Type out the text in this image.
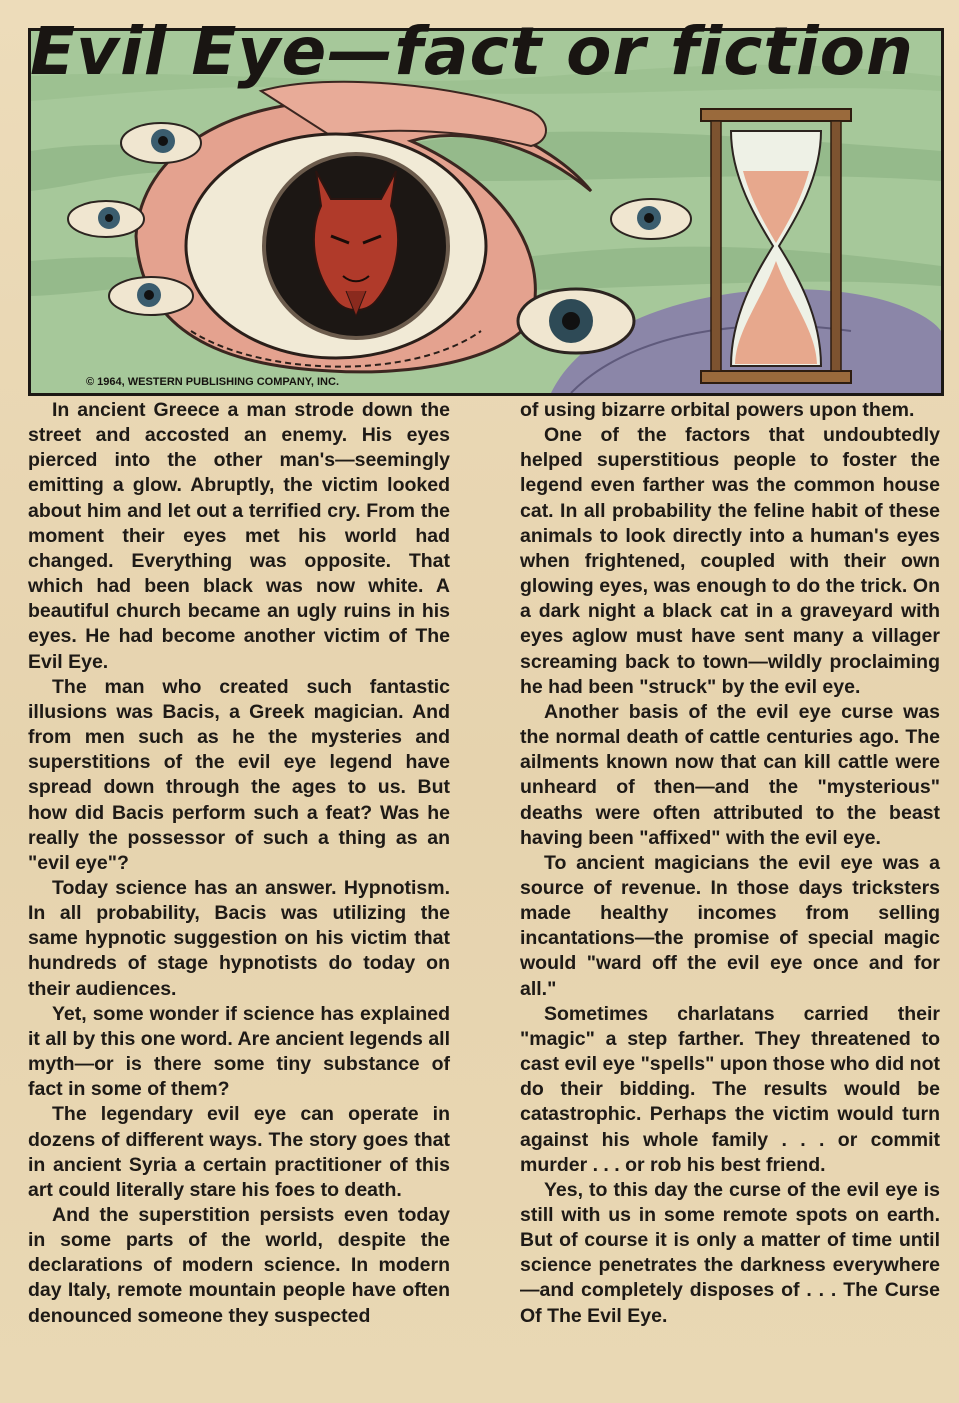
Evil Eye—fact or fiction
© 1964, WESTERN PUBLISHING COMPANY, INC.

In ancient Greece a man strode down the street and accosted an enemy. His eyes pierced into the other man's—seemingly emitting a glow. Abruptly, the victim looked about him and let out a terrified cry. From the moment their eyes met his world had changed. Everything was opposite. That which had been black was now white. A beautiful church became an ugly ruins in his eyes. He had become another victim of The Evil Eye.

The man who created such fantastic illusions was Bacis, a Greek magician. And from men such as he the mysteries and superstitions of the evil eye legend have spread down through the ages to us. But how did Bacis perform such a feat? Was he really the possessor of such a thing as an "evil eye"?

Today science has an answer. Hypnotism. In all probability, Bacis was utilizing the same hypnotic suggestion on his victim that hundreds of stage hypnotists do today on their audiences.

Yet, some wonder if science has explained it all by this one word. Are ancient legends all myth—or is there some tiny substance of fact in some of them?

The legendary evil eye can operate in dozens of different ways. The story goes that in ancient Syria a certain practitioner of this art could literally stare his foes to death.

And the superstition persists even today in some parts of the world, despite the declarations of modern science. In modern day Italy, remote mountain people have often denounced someone they suspected

of using bizarre orbital powers upon them.

One of the factors that undoubtedly helped superstitious people to foster the legend even farther was the common house cat. In all probability the feline habit of these animals to look directly into a human's eyes when frightened, coupled with their own glowing eyes, was enough to do the trick. On a dark night a black cat in a graveyard with eyes aglow must have sent many a villager screaming back to town—wildly proclaiming he had been "struck" by the evil eye.

Another basis of the evil eye curse was the normal death of cattle centuries ago. The ailments known now that can kill cattle were unheard of then—and the "mysterious" deaths were often attributed to the beast having been "affixed" with the evil eye.

To ancient magicians the evil eye was a source of revenue. In those days tricksters made healthy incomes from selling incantations—the promise of special magic would "ward off the evil eye once and for all."

Sometimes charlatans carried their "magic" a step farther. They threatened to cast evil eye "spells" upon those who did not do their bidding. The results would be catastrophic. Perhaps the victim would turn against his whole family . . . or commit murder . . . or rob his best friend.

Yes, to this day the curse of the evil eye is still with us in some remote spots on earth. But of course it is only a matter of time until science penetrates the darkness everywhere—and completely disposes of . . . The Curse Of The Evil Eye.
